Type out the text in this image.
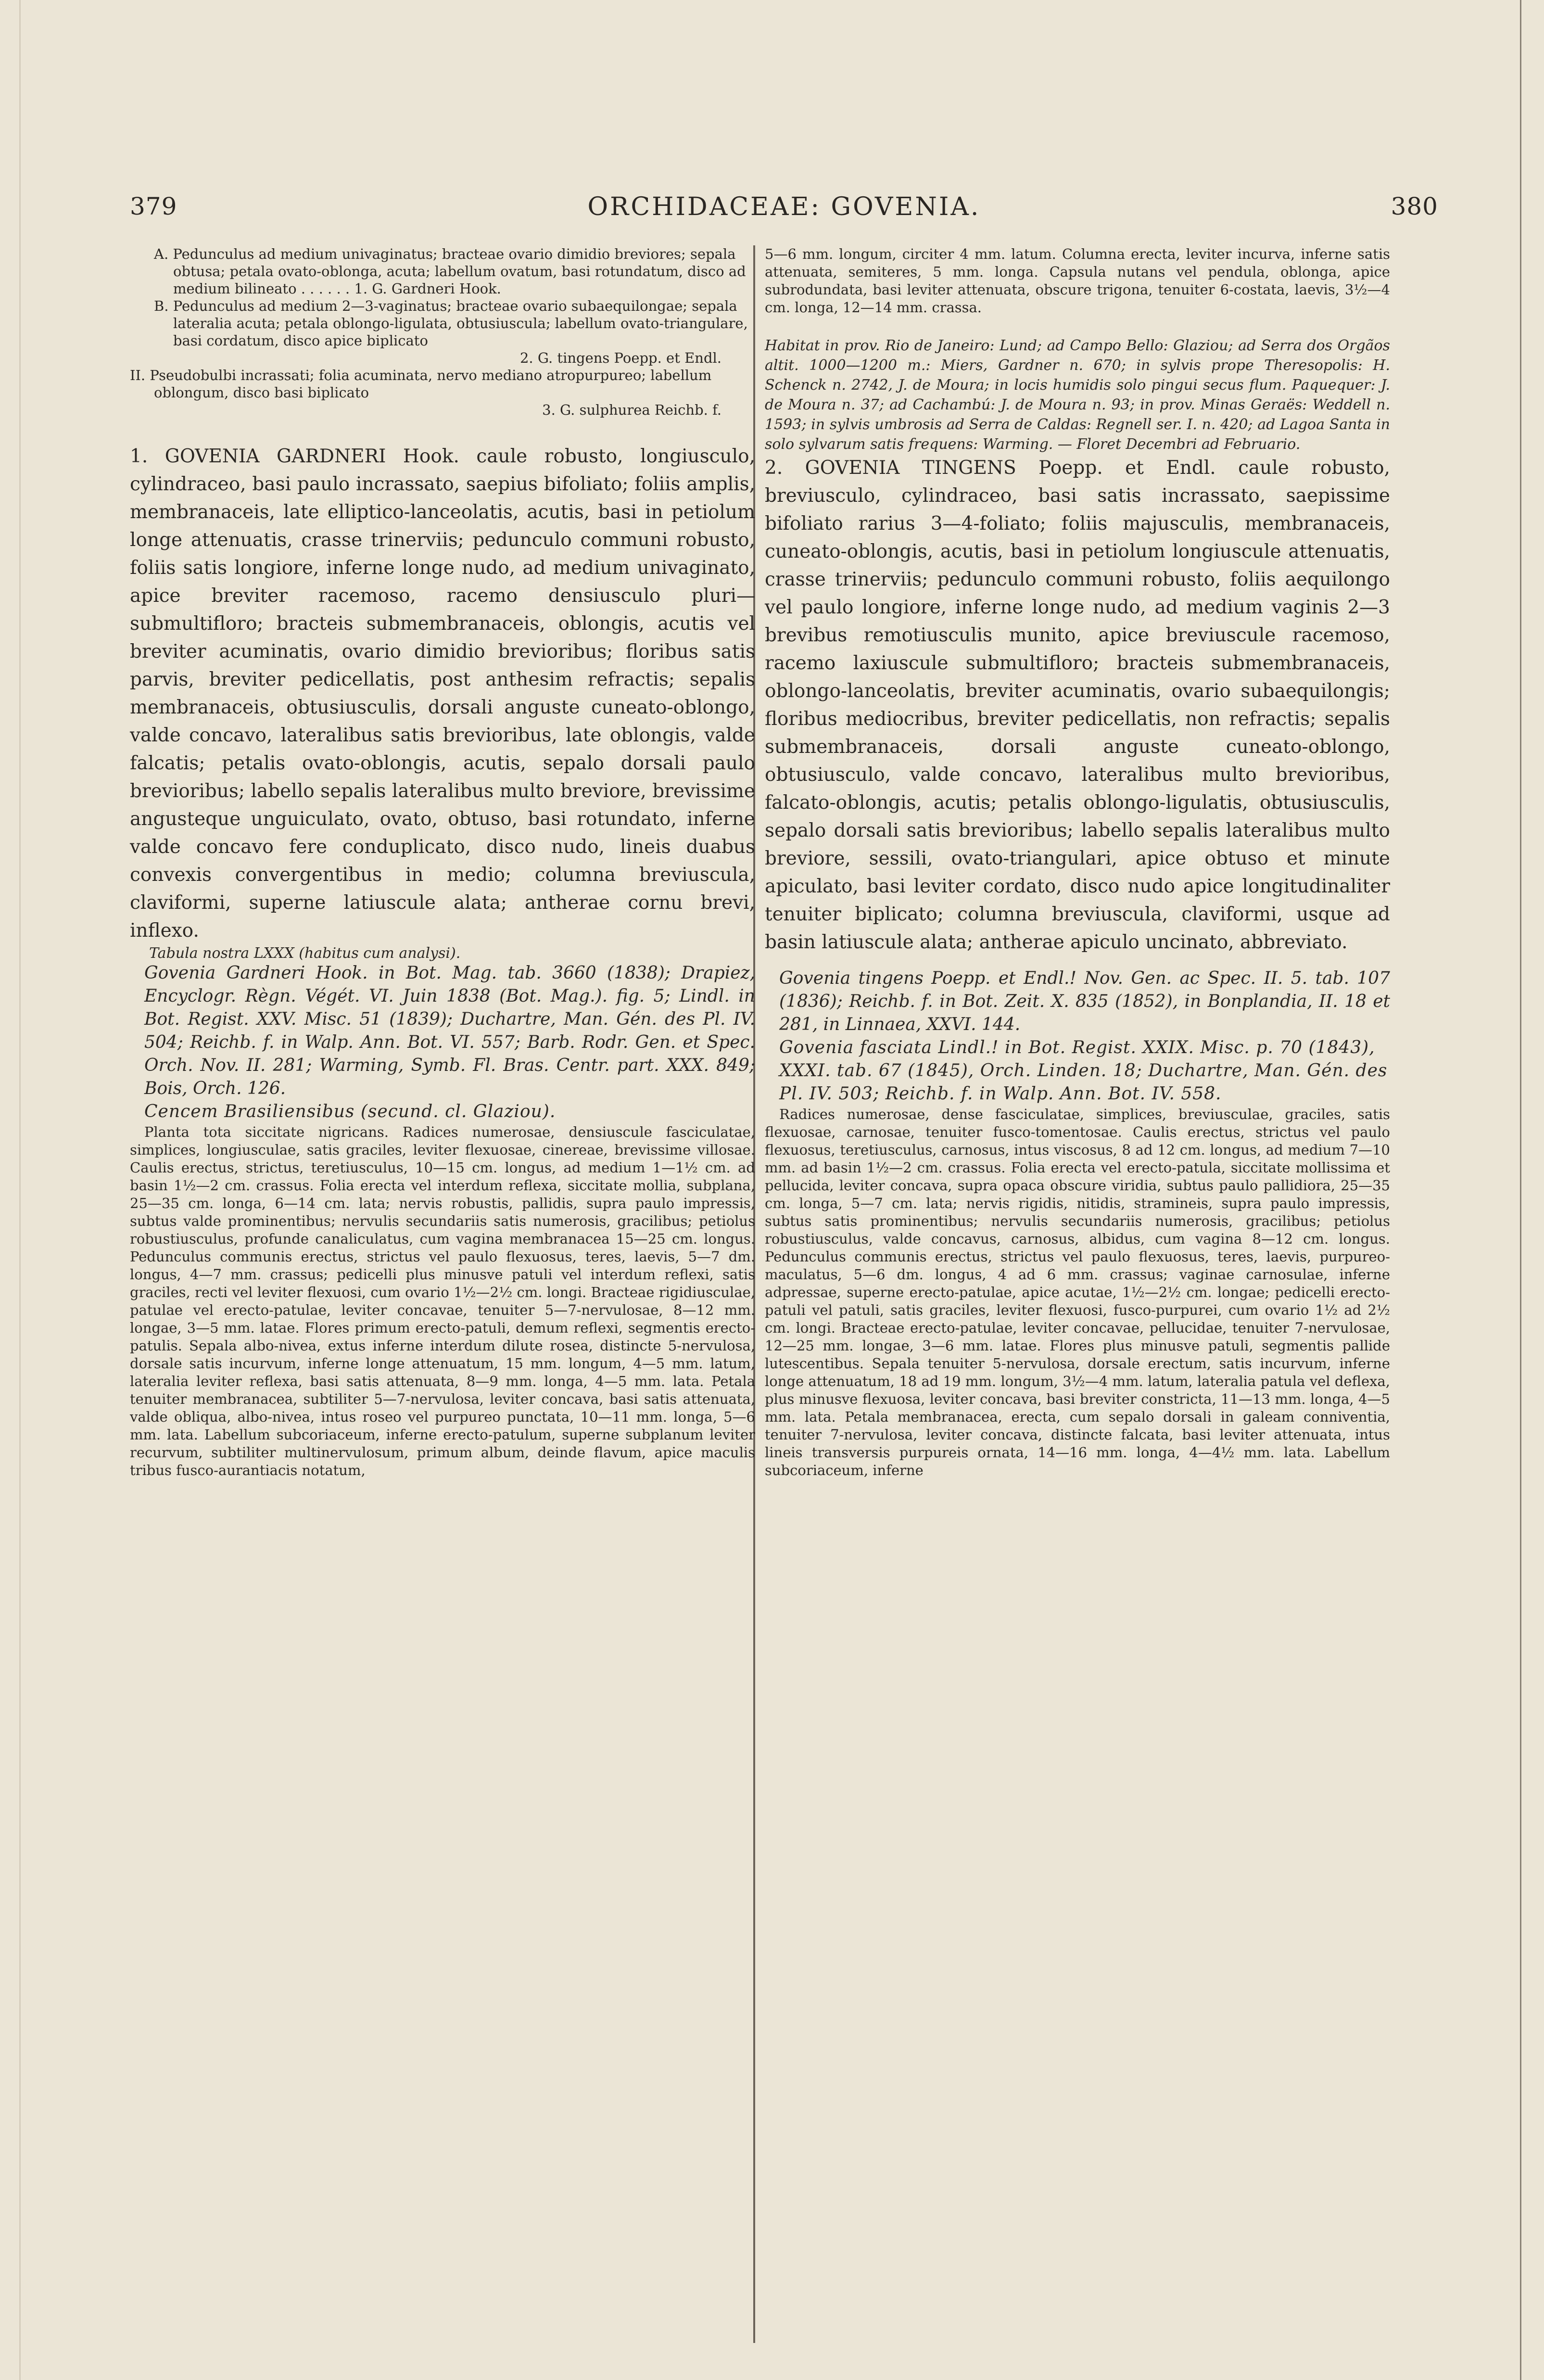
379	ORCHIDACEAE: GOVENIA.	380

A. Pedunculus ad medium univaginatus; bracteae ovario dimidio breviores; sepala obtusa; petala ovato-oblonga, acuta; labellum ovatum, basi rotundatum, disco ad medium bilineato . . . . . . 1. G. Gardneri Hook.

B. Pedunculus ad medium 2—3-vaginatus; bracteae ovario subaequilongae; sepala lateralia acuta; petala oblongo-ligulata, obtusiuscula; labellum ovato-triangulare, basi cordatum, disco apice biplicato

2. G. tingens Poepp. et Endl.

II. Pseudobulbi incrassati; folia acuminata, nervo mediano atropurpureo; labellum oblongum, disco basi biplicato

3. G. sulphurea Reichb. f.

1. GOVENIA GARDNERI Hook. caule robusto, longiusculo, cylindraceo, basi paulo incrassato, saepius bifoliato; foliis amplis, membranaceis, late elliptico-lanceolatis, acutis, basi in petiolum longe attenuatis, crasse trinerviis; pedunculo communi robusto, foliis satis longiore, inferne longe nudo, ad medium univaginato, apice breviter racemoso, racemo densiusculo pluri—submultifloro; bracteis submembranaceis, oblongis, acutis vel breviter acuminatis, ovario dimidio brevioribus; floribus satis parvis, breviter pedicellatis, post anthesim refractis; sepalis membranaceis, obtusiusculis, dorsali anguste cuneato-oblongo, valde concavo, lateralibus satis brevioribus, late oblongis, valde falcatis; petalis ovato-oblongis, acutis, sepalo dorsali paulo brevioribus; labello sepalis lateralibus multo breviore, brevissime angusteque unguiculato, ovato, obtuso, basi rotundato, inferne valde concavo fere conduplicato, disco nudo, lineis duabus convexis convergentibus in medio; columna breviuscula, claviformi, superne latiuscule alata; antherae cornu brevi, inflexo.

Tabula nostra LXXX (habitus cum analysi).

Govenia Gardneri Hook. in Bot. Mag. tab. 3660 (1838); Drapiez, Encyclogr. Règn. Végét. VI. Juin 1838 (Bot. Mag.). fig. 5; Lindl. in Bot. Regist. XXV. Misc. 51 (1839); Duchartre, Man. Gén. des Pl. IV. 504; Reichb. f. in Walp. Ann. Bot. VI. 557; Barb. Rodr. Gen. et Spec. Orch. Nov. II. 281; Warming, Symb. Fl. Bras. Centr. part. XXX. 849; Bois, Orch. 126.

Cencem Brasiliensibus (secund. cl. Glaziou).

Planta tota siccitate nigricans. Radices numerosae, densiuscule fasciculatae, simplices, longiusculae, satis graciles, leviter flexuosae, cinereae, brevissime villosae. Caulis erectus, strictus, teretiusculus, 10—15 cm. longus, ad medium 1—1½ cm. ad basin 1½—2 cm. crassus. Folia erecta vel interdum reflexa, siccitate mollia, subplana, 25—35 cm. longa, 6—14 cm. lata; nervis robustis, pallidis, supra paulo impressis, subtus valde prominentibus; nervulis secundariis satis numerosis, gracilibus; petiolus robustiusculus, profunde canaliculatus, cum vagina membranacea 15—25 cm. longus. Pedunculus communis erectus, strictus vel paulo flexuosus, teres, laevis, 5—7 dm. longus, 4—7 mm. crassus; pedicelli plus minusve patuli vel interdum reflexi, satis graciles, recti vel leviter flexuosi, cum ovario 1½—2½ cm. longi. Bracteae rigidiusculae, patulae vel erecto-patulae, leviter concavae, tenuiter 5—7-nervulosae, 8—12 mm. longae, 3—5 mm. latae. Flores primum erecto-patuli, demum reflexi, segmentis erecto-patulis. Sepala albo-nivea, extus inferne interdum dilute rosea, distincte 5-nervulosa, dorsale satis incurvum, inferne longe attenuatum, 15 mm. longum, 4—5 mm. latum, lateralia leviter reflexa, basi satis attenuata, 8—9 mm. longa, 4—5 mm. lata. Petala tenuiter membranacea, subtiliter 5—7-nervulosa, leviter concava, basi satis attenuata, valde obliqua, albo-nivea, intus roseo vel purpureo punctata, 10—11 mm. longa, 5—6 mm. lata. Labellum subcoriaceum, inferne erecto-patulum, superne subplanum leviter recurvum, subtiliter multinervulosum, primum album, deinde flavum, apice maculis tribus fusco-aurantiacis notatum,

5—6 mm. longum, circiter 4 mm. latum. Columna erecta, leviter incurva, inferne satis attenuata, semiteres, 5 mm. longa. Capsula nutans vel pendula, oblonga, apice subrodundata, basi leviter attenuata, obscure trigona, tenuiter 6-costata, laevis, 3½—4 cm. longa, 12—14 mm. crassa.

Habitat in prov. Rio de Janeiro: Lund; ad Campo Bello: Glaziou; ad Serra dos Orgãos altit. 1000—1200 m.: Miers, Gardner n. 670; in sylvis prope Theresopolis: H. Schenck n. 2742, J. de Moura; in locis humidis solo pingui secus flum. Paquequer: J. de Moura n. 37; ad Cachambú: J. de Moura n. 93; in prov. Minas Geraës: Weddell n. 1593; in sylvis umbrosis ad Serra de Caldas: Regnell ser. I. n. 420; ad Lagoa Santa in solo sylvarum satis frequens: Warming. — Floret Decembri ad Februario.

2. GOVENIA TINGENS Poepp. et Endl. caule robusto, breviusculo, cylindraceo, basi satis incrassato, saepissime bifoliato rarius 3—4-foliato; foliis majusculis, membranaceis, cuneato-oblongis, acutis, basi in petiolum longiuscule attenuatis, crasse trinerviis; pedunculo communi robusto, foliis aequilongo vel paulo longiore, inferne longe nudo, ad medium vaginis 2—3 brevibus remotiusculis munito, apice breviuscule racemoso, racemo laxiuscule submultifloro; bracteis submembranaceis, oblongo-lanceolatis, breviter acuminatis, ovario subaequilongis; floribus mediocribus, breviter pedicellatis, non refractis; sepalis submembranaceis, dorsali anguste cuneato-oblongo, obtusiusculo, valde concavo, lateralibus multo brevioribus, falcato-oblongis, acutis; petalis oblongo-ligulatis, obtusiusculis, sepalo dorsali satis brevioribus; labello sepalis lateralibus multo breviore, sessili, ovato-triangulari, apice obtuso et minute apiculato, basi leviter cordato, disco nudo apice longitudinaliter tenuiter biplicato; columna breviuscula, claviformi, usque ad basin latiuscule alata; antherae apiculo uncinato, abbreviato.

Govenia tingens Poepp. et Endl.! Nov. Gen. ac Spec. II. 5. tab. 107 (1836); Reichb. f. in Bot. Zeit. X. 835 (1852), in Bonplandia, II. 18 et 281, in Linnaea, XXVI. 144.

Govenia fasciata Lindl.! in Bot. Regist. XXIX. Misc. p. 70 (1843), XXXI. tab. 67 (1845), Orch. Linden. 18; Duchartre, Man. Gén. des Pl. IV. 503; Reichb. f. in Walp. Ann. Bot. IV. 558.

Radices numerosae, dense fasciculatae, simplices, breviusculae, graciles, satis flexuosae, carnosae, tenuiter fusco-tomentosae. Caulis erectus, strictus vel paulo flexuosus, teretiusculus, carnosus, intus viscosus, 8 ad 12 cm. longus, ad medium 7—10 mm. ad basin 1½—2 cm. crassus. Folia erecta vel erecto-patula, siccitate mollissima et pellucida, leviter concava, supra opaca obscure viridia, subtus paulo pallidiora, 25—35 cm. longa, 5—7 cm. lata; nervis rigidis, nitidis, stramineis, supra paulo impressis, subtus satis prominentibus; nervulis secundariis numerosis, gracilibus; petiolus robustiusculus, valde concavus, carnosus, albidus, cum vagina 8—12 cm. longus. Pedunculus communis erectus, strictus vel paulo flexuosus, teres, laevis, purpureo-maculatus, 5—6 dm. longus, 4 ad 6 mm. crassus; vaginae carnosulae, inferne adpressae, superne erecto-patulae, apice acutae, 1½—2½ cm. longae; pedicelli erecto-patuli vel patuli, satis graciles, leviter flexuosi, fusco-purpurei, cum ovario 1½ ad 2½ cm. longi. Bracteae erecto-patulae, leviter concavae, pellucidae, tenuiter 7-nervulosae, 12—25 mm. longae, 3—6 mm. latae. Flores plus minusve patuli, segmentis pallide lutescentibus. Sepala tenuiter 5-nervulosa, dorsale erectum, satis incurvum, inferne longe attenuatum, 18 ad 19 mm. longum, 3½—4 mm. latum, lateralia patula vel deflexa, plus minusve flexuosa, leviter concava, basi breviter constricta, 11—13 mm. longa, 4—5 mm. lata. Petala membranacea, erecta, cum sepalo dorsali in galeam conniventia, tenuiter 7-nervulosa, leviter concava, distincte falcata, basi leviter attenuata, intus lineis transversis purpureis ornata, 14—16 mm. longa, 4—4½ mm. lata. Labellum subcoriaceum, inferne
